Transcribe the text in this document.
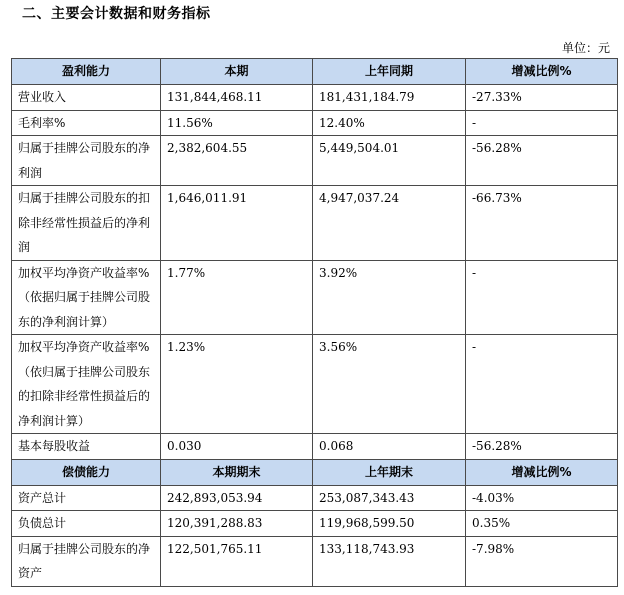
二、主要会计数据和财务指标
单位：元
盈利能力	本期	上年同期	增减比例%
营业收入	131,844,468.11	181,431,184.79	-27.33%
毛利率%	11.56%	12.40%	-
归属于挂牌公司股东的净利润	2,382,604.55	5,449,504.01	-56.28%
归属于挂牌公司股东的扣除非经常性损益后的净利润	1,646,011.91	4,947,037.24	-66.73%
加权平均净资产收益率%（依据归属于挂牌公司股东的净利润计算）	1.77%	3.92%	-
加权平均净资产收益率%（依归属于挂牌公司股东的扣除非经常性损益后的净利润计算）	1.23%	3.56%	-
基本每股收益	0.030	0.068	-56.28%
偿债能力	本期期末	上年期末	增减比例%
资产总计	242,893,053.94	253,087,343.43	-4.03%
负债总计	120,391,288.83	119,968,599.50	0.35%
归属于挂牌公司股东的净资产	122,501,765.11	133,118,743.93	-7.98%
